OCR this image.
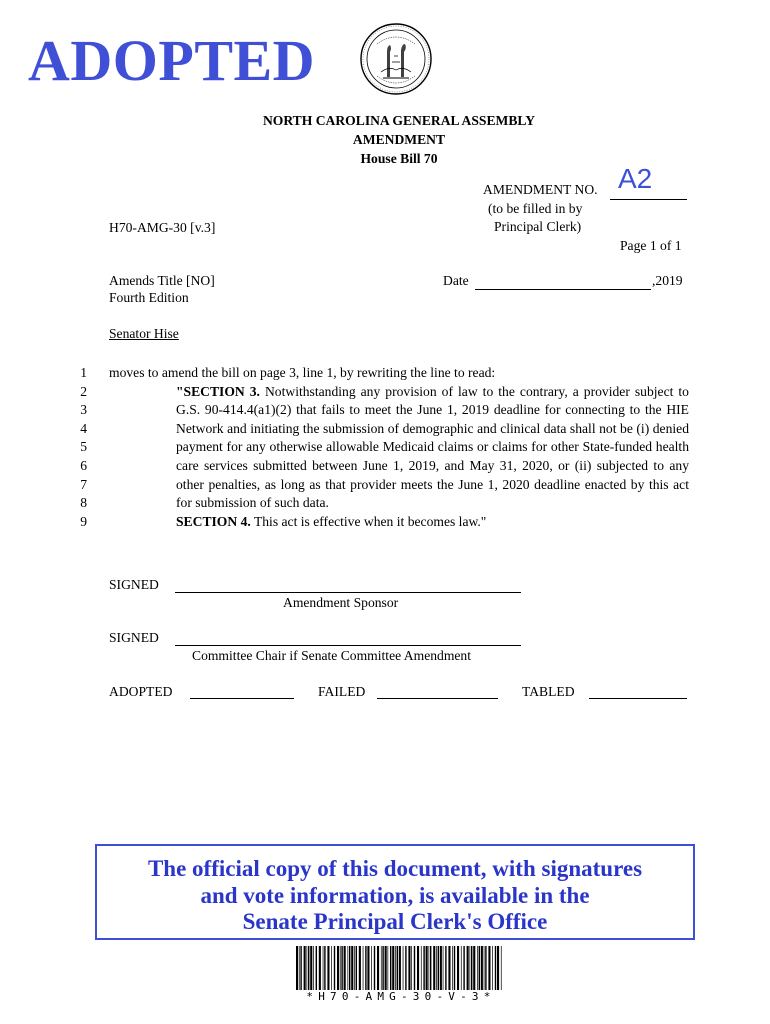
ADOPTED
NORTH CAROLINA GENERAL ASSEMBLY
AMENDMENT
House Bill 70
AMENDMENT NO. A2
(to be filled in by
Principal Clerk)
Page 1 of 1
H70-AMG-30 [v.3]
Amends Title [NO]
Fourth Edition
Date	,2019
Senator Hise
1
2
3
4
5
6
7
8
9

moves to amend the bill on page 3, line 1, by rewriting the line to read:

"SECTION 3. Notwithstanding any provision of law to the contrary, a provider subject to G.S. 90-414.4(a1)(2) that fails to meet the June 1, 2019 deadline for connecting to the HIE Network and initiating the submission of demographic and clinical data shall not be (i) denied payment for any otherwise allowable Medicaid claims or claims for other State-funded health care services submitted between June 1, 2019, and May 31, 2020, or (ii) subjected to any other penalties, as long as that provider meets the June 1, 2020 deadline enacted by this act for submission of such data.

SECTION 4. This act is effective when it becomes law."

SIGNED
Amendment Sponsor
SIGNED
Committee Chair if Senate Committee Amendment
ADOPTED	FAILED	TABLED
The official copy of this document, with signatures
and vote information, is available in the
Senate Principal Clerk's Office
*H70-AMG-30-V-3*
